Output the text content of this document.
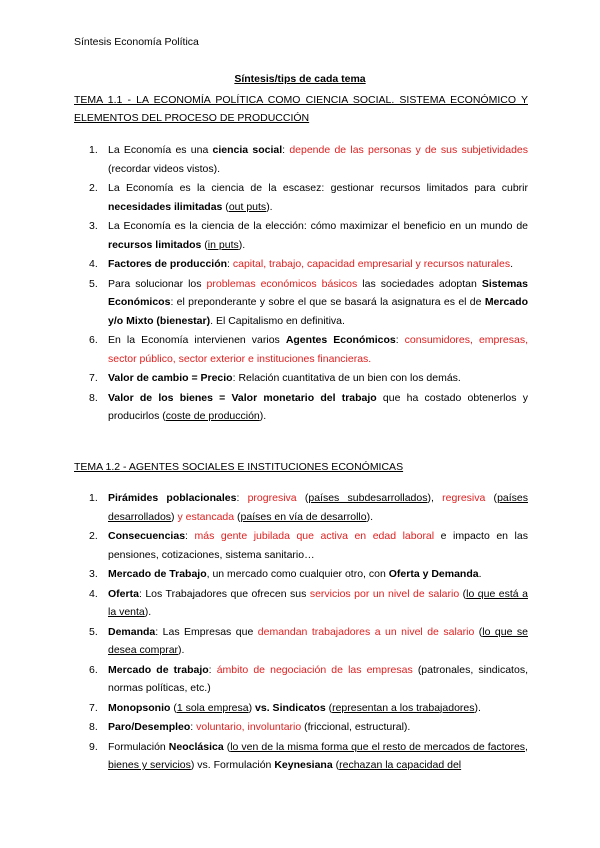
Síntesis Economía Política
Síntesis/tips de cada tema
TEMA 1.1 - LA ECONOMÍA POLÍTICA COMO CIENCIA SOCIAL. SISTEMA ECONÓMICO Y ELEMENTOS DEL PROCESO DE PRODUCCIÓN
1. La Economía es una ciencia social: depende de las personas y de sus subjetividades (recordar videos vistos).
2. La Economía es la ciencia de la escasez: gestionar recursos limitados para cubrir necesidades ilimitadas (out puts).
3. La Economía es la ciencia de la elección: cómo maximizar el beneficio en un mundo de recursos limitados (in puts).
4. Factores de producción: capital, trabajo, capacidad empresarial y recursos naturales.
5. Para solucionar los problemas económicos básicos las sociedades adoptan Sistemas Económicos: el preponderante y sobre el que se basará la asignatura es el de Mercado y/o Mixto (bienestar). El Capitalismo en definitiva.
6. En la Economía intervienen varios Agentes Económicos: consumidores, empresas, sector público, sector exterior e instituciones financieras.
7. Valor de cambio = Precio: Relación cuantitativa de un bien con los demás.
8. Valor de los bienes = Valor monetario del trabajo que ha costado obtenerlos y producirlos (coste de producción).
TEMA 1.2 - AGENTES SOCIALES E INSTITUCIONES ECONÓMICAS
1. Pirámides poblacionales: progresiva (países subdesarrollados), regresiva (países desarrollados) y estancada (países en vía de desarrollo).
2. Consecuencias: más gente jubilada que activa en edad laboral e impacto en las pensiones, cotizaciones, sistema sanitario…
3. Mercado de Trabajo, un mercado como cualquier otro, con Oferta y Demanda.
4. Oferta: Los Trabajadores que ofrecen sus servicios por un nivel de salario (lo que está a la venta).
5. Demanda: Las Empresas que demandan trabajadores a un nivel de salario (lo que se desea comprar).
6. Mercado de trabajo: ámbito de negociación de las empresas (patronales, sindicatos, normas políticas, etc.)
7. Monopsonio (1 sola empresa) vs. Sindicatos (representan a los trabajadores).
8. Paro/Desempleo: voluntario, involuntario (friccional, estructural).
9. Formulación Neoclásica (lo ven de la misma forma que el resto de mercados de factores, bienes y servicios) vs. Formulación Keynesiana (rechazan la capacidad del
